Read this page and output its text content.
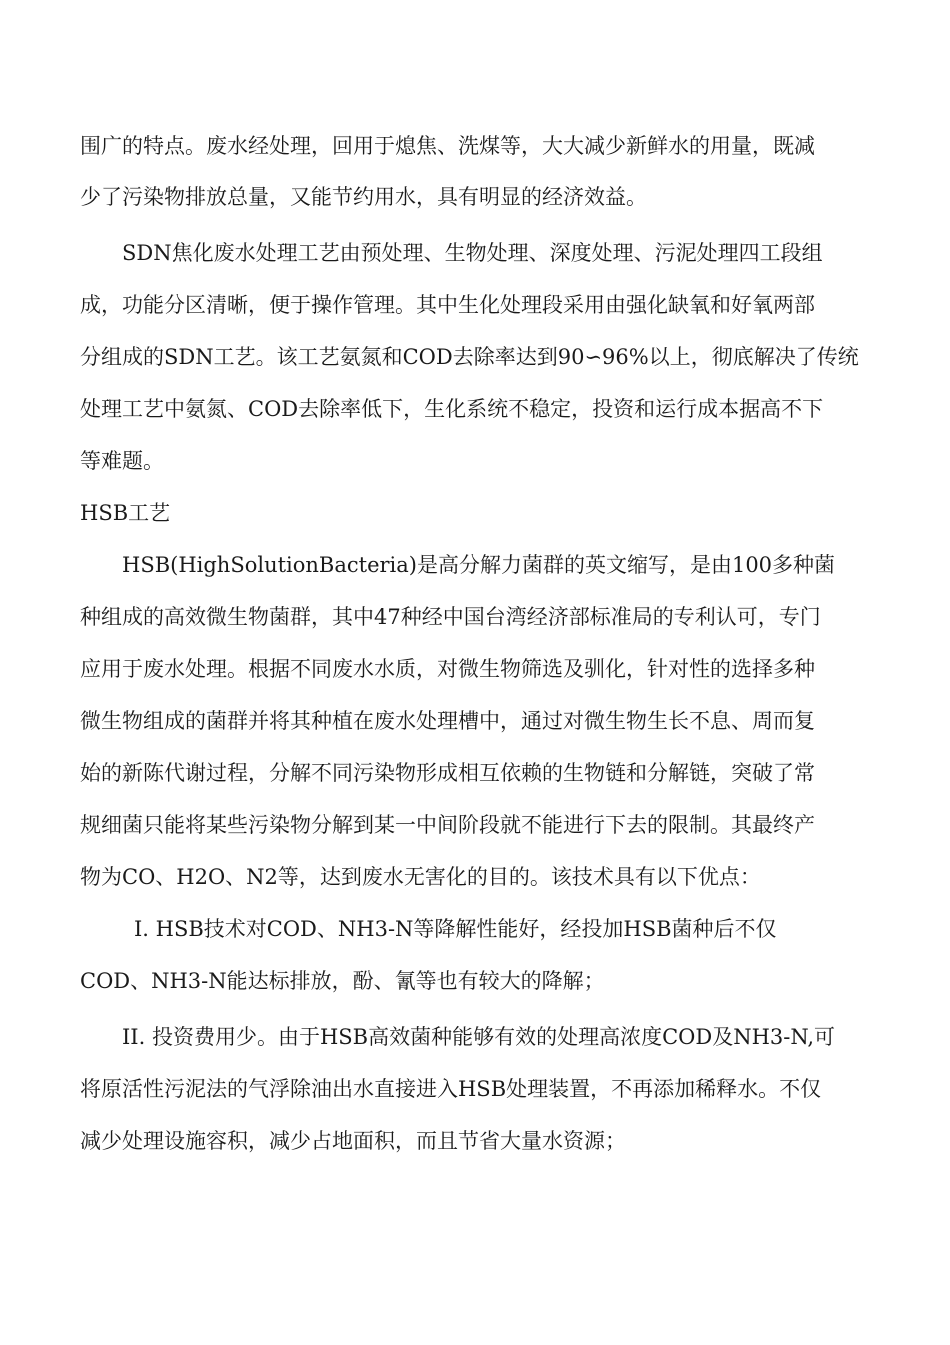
围广的特点。废水经处理，回用于熄焦、洗煤等，大大减少新鲜水的用量，既减
少了污染物排放总量，又能节约用水，具有明显的经济效益。
SDN焦化废水处理工艺由预处理、生物处理、深度处理、污泥处理四工段组
成，功能分区清晰，便于操作管理。其中生化处理段采用由强化缺氧和好氧两部
分组成的SDN工艺。该工艺氨氮和COD去除率达到90∽96%以上，彻底解决了传统
处理工艺中氨氮、COD去除率低下，生化系统不稳定，投资和运行成本据高不下
等难题。
HSB工艺
HSB(HighSolutionBacteria)是高分解力菌群的英文缩写，是由100多种菌
种组成的高效微生物菌群，其中47种经中国台湾经济部标准局的专利认可，专门
应用于废水处理。根据不同废水水质，对微生物筛选及驯化，针对性的选择多种
微生物组成的菌群并将其种植在废水处理槽中，通过对微生物生长不息、周而复
始的新陈代谢过程，分解不同污染物形成相互依赖的生物链和分解链，突破了常
规细菌只能将某些污染物分解到某一中间阶段就不能进行下去的限制。其最终产
物为CO、H2O、N2等，达到废水无害化的目的。该技术具有以下优点：
I. HSB技术对COD、NH3-N等降解性能好，经投加HSB菌种后不仅
COD、NH3-N能达标排放，酚、氰等也有较大的降解；
II. 投资费用少。由于HSB高效菌种能够有效的处理高浓度COD及NH3-N,可
将原活性污泥法的气浮除油出水直接进入HSB处理装置，不再添加稀释水。不仅
减少处理设施容积，减少占地面积，而且节省大量水资源；
